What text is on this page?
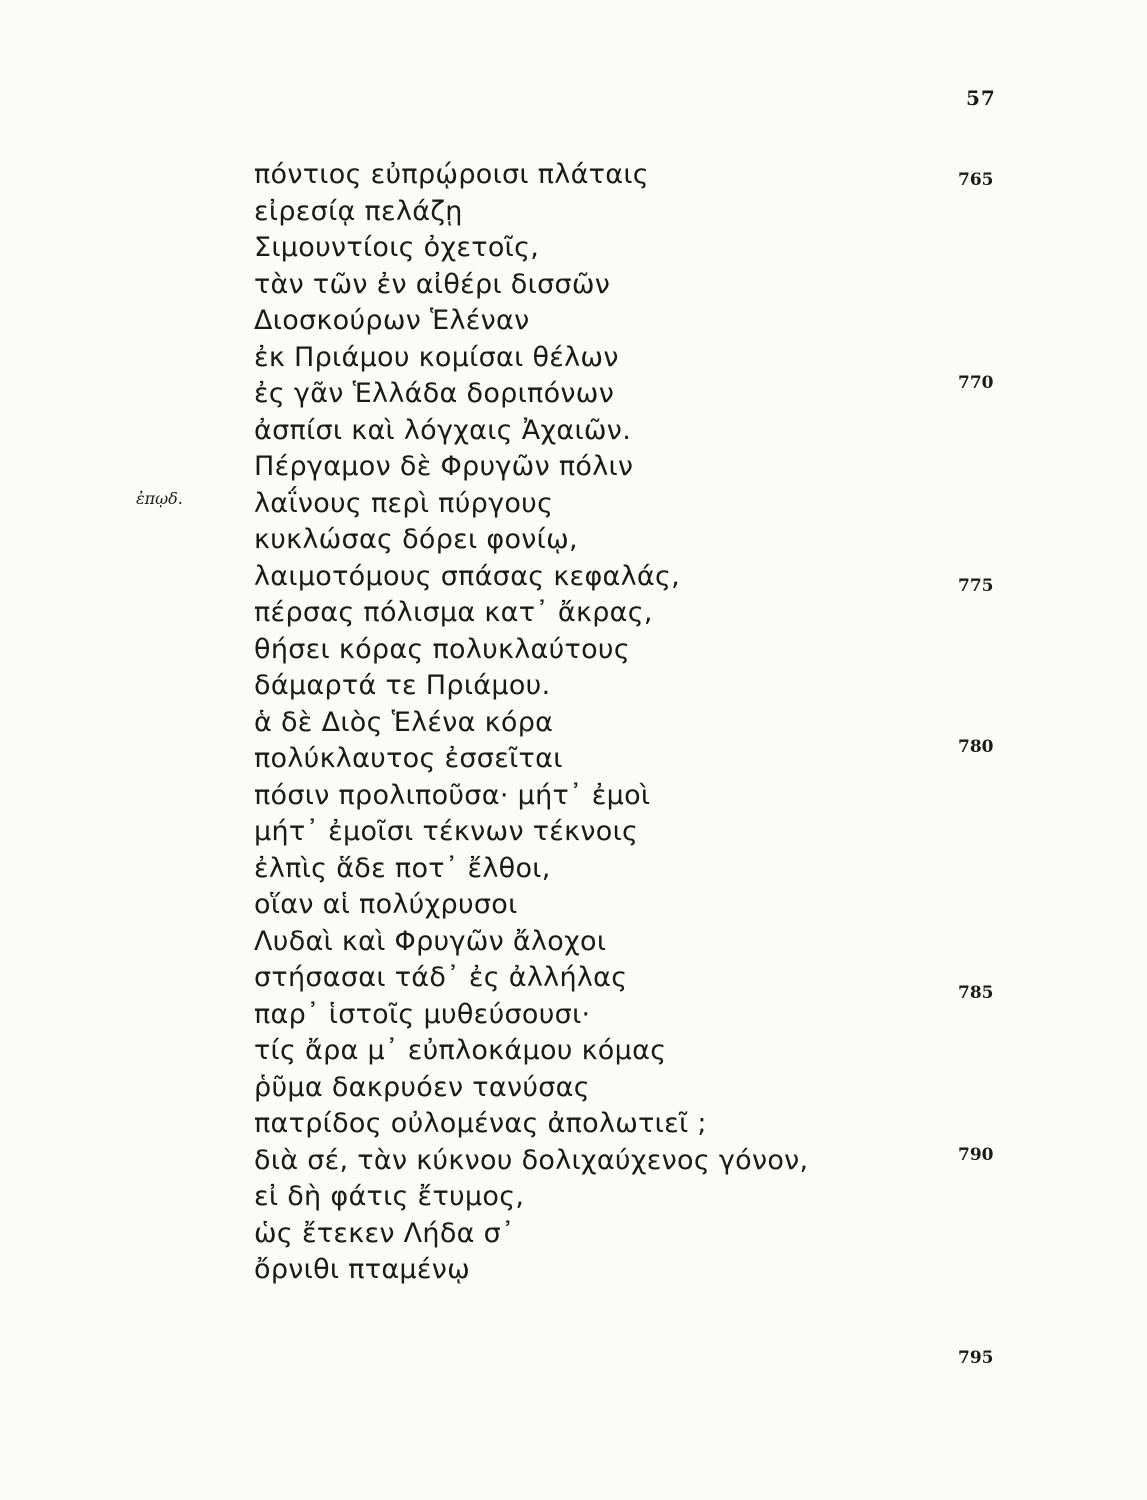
57
ἐπῳδ.
πόντιος εὐπρῴροισι πλάταις
εἰρεσίᾳ πελάζῃ
Σιμουντίοις ὀχετοῖς,
τὰν τῶν ἐν αἰθέρι δισσῶν
Διοσκούρων Ἑλέναν
ἐκ Πριάμου κομίσαι θέλων
ἐς γᾶν Ἑλλάδα δοριπόνων
ἀσπίσι καὶ λόγχαις Ἀχαιῶν.
Πέργαμον δὲ Φρυγῶν πόλιν
λαΐνους περὶ πύργους
κυκλώσας δόρει φονίῳ,
λαιμοτόμους σπάσας κεφαλάς,
πέρσας πόλισμα κατ᾽ ἄκρας,
θήσει κόρας πολυκλαύτους
δάμαρτά τε Πριάμου.
ἁ δὲ Διὸς Ἑλένα κόρα
πολύκλαυτος ἐσσεῖται
πόσιν προλιποῦσα· μήτ᾽ ἐμοὶ
μήτ᾽ ἐμοῖσι τέκνων τέκνοις
ἐλπὶς ἅδε ποτ᾽ ἔλθοι,
οἵαν αἱ πολύχρυσοι
Λυδαὶ καὶ Φρυγῶν ἄλοχοι
στήσασαι τάδ᾽ ἐς ἀλλήλας
παρ᾽ ἱστοῖς μυθεύσουσι·
τίς ἄρα μ᾽ εὐπλοκάμου κόμας
ῥῦμα δακρυόεν τανύσας
πατρίδος οὐλομένας ἀπολωτιεῖ ;
διὰ σέ, τὰν κύκνου δολιχαύχενος γόνον,
εἰ δὴ φάτις ἔτυμος,
ὡς ἔτεκεν Λήδα σ᾽
ὄρνιθι πταμένῳ
765
770
775
780
785
790
795
